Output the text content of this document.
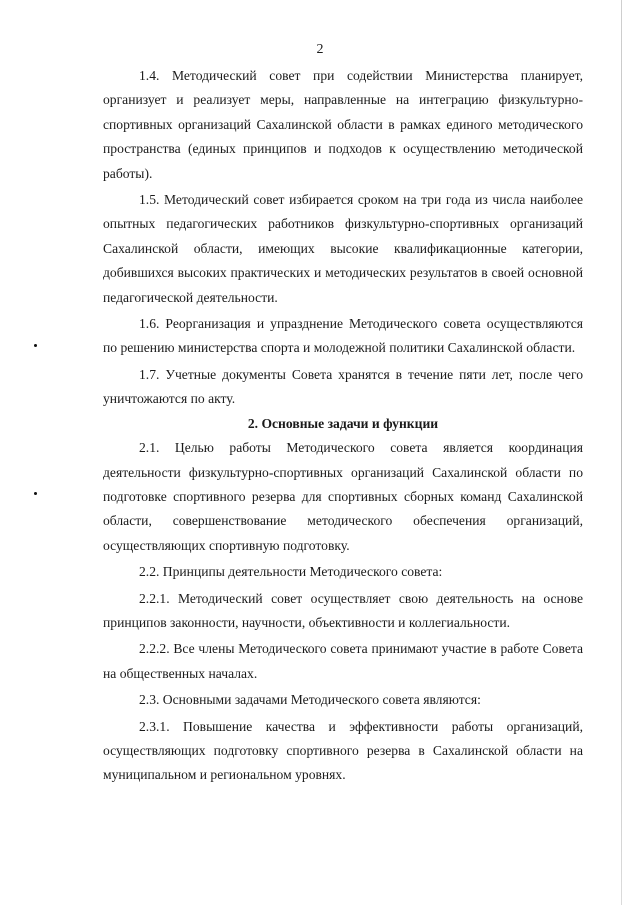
2

1.4. Методический совет при содействии Министерства планирует, организует и реализует меры, направленные на интеграцию физкультурно-спортивных организаций Сахалинской области в рамках единого методического пространства (единых принципов и подходов к осуществлению методической работы).

1.5. Методический совет избирается сроком на три года из числа наиболее опытных педагогических работников физкультурно-спортивных организаций Сахалинской области, имеющих высокие квалификационные категории, добившихся высоких практических и методических результатов в своей основной педагогической деятельности.

1.6. Реорганизация и упразднение Методического совета осуществляются по решению министерства спорта и молодежной политики Сахалинской области.

1.7. Учетные документы Совета хранятся в течение пяти лет, после чего уничтожаются по акту.

2. Основные задачи и функции

2.1. Целью работы Методического совета является координация деятельности физкультурно-спортивных организаций Сахалинской области по подготовке спортивного резерва для спортивных сборных команд Сахалинской области, совершенствование методического обеспечения организаций, осуществляющих спортивную подготовку.

2.2. Принципы деятельности Методического совета:

2.2.1. Методический совет осуществляет свою деятельность на основе принципов законности, научности, объективности и коллегиальности.

2.2.2. Все члены Методического совета принимают участие в работе Совета на общественных началах.

2.3. Основными задачами Методического совета являются:

2.3.1. Повышение качества и эффективности работы организаций, осуществляющих подготовку спортивного резерва в Сахалинской области на муниципальном и региональном уровнях.
